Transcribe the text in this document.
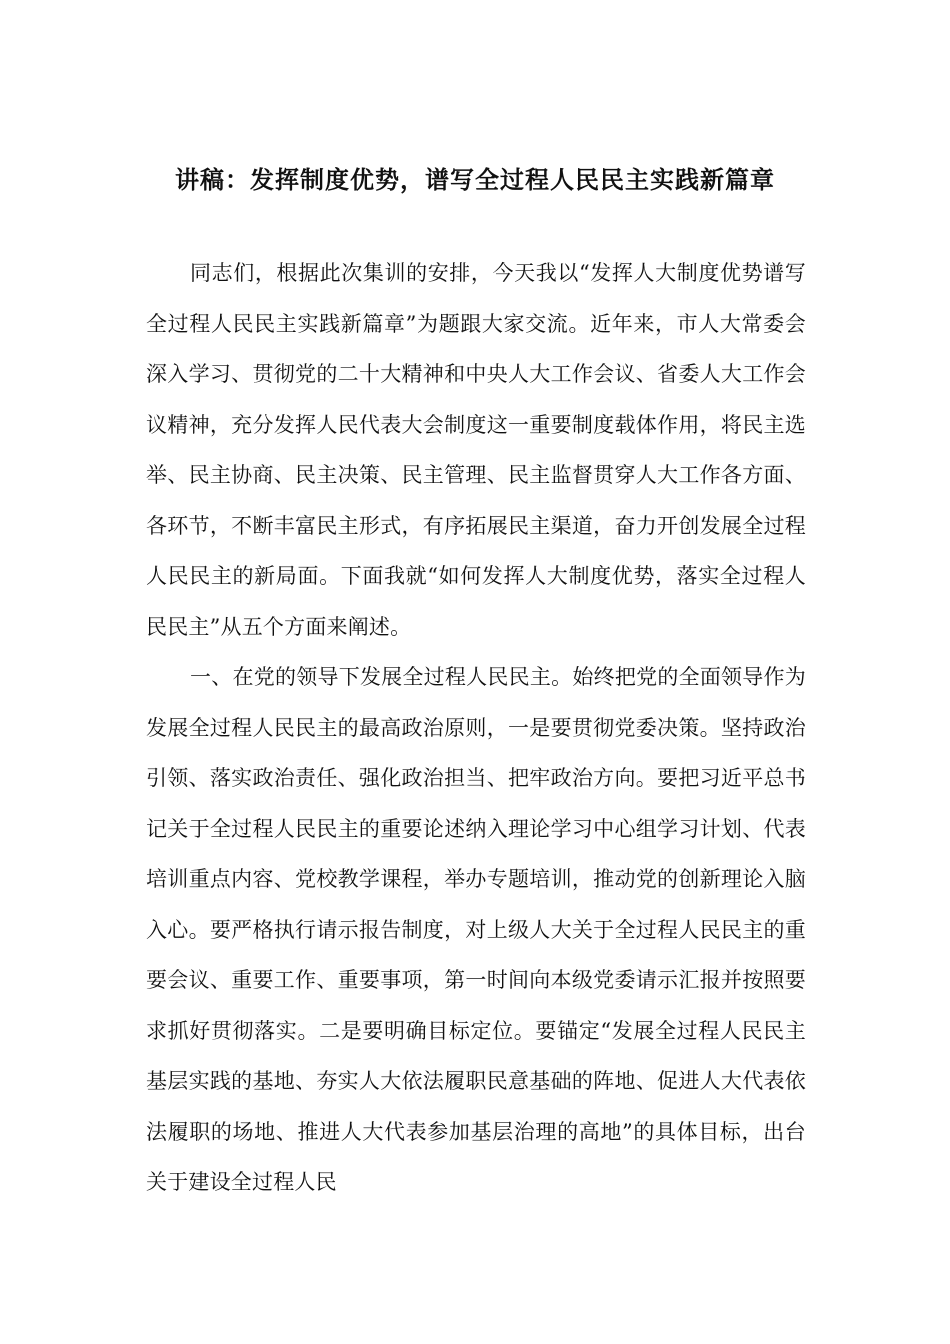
讲稿：发挥制度优势，谱写全过程人民民主实践新篇章

同志们，根据此次集训的安排，今天我以“发挥人大制度优势谱写全过程人民民主实践新篇章”为题跟大家交流。近年来，市人大常委会深入学习、贯彻党的二十大精神和中央人大工作会议、省委人大工作会议精神，充分发挥人民代表大会制度这一重要制度载体作用，将民主选举、民主协商、民主决策、民主管理、民主监督贯穿人大工作各方面、各环节，不断丰富民主形式，有序拓展民主渠道，奋力开创发展全过程人民民主的新局面。下面我就“如何发挥人大制度优势，落实全过程人民民主”从五个方面来阐述。

一、在党的领导下发展全过程人民民主。始终把党的全面领导作为发展全过程人民民主的最高政治原则，一是要贯彻党委决策。坚持政治引领、落实政治责任、强化政治担当、把牢政治方向。要把习近平总书记关于全过程人民民主的重要论述纳入理论学习中心组学习计划、代表培训重点内容、党校教学课程，举办专题培训，推动党的创新理论入脑入心。要严格执行请示报告制度，对上级人大关于全过程人民民主的重要会议、重要工作、重要事项，第一时间向本级党委请示汇报并按照要求抓好贯彻落实。二是要明确目标定位。要锚定“发展全过程人民民主基层实践的基地、夯实人大依法履职民意基础的阵地、促进人大代表依法履职的场地、推进人大代表参加基层治理的高地”的具体目标，出台关于建设全过程人民
